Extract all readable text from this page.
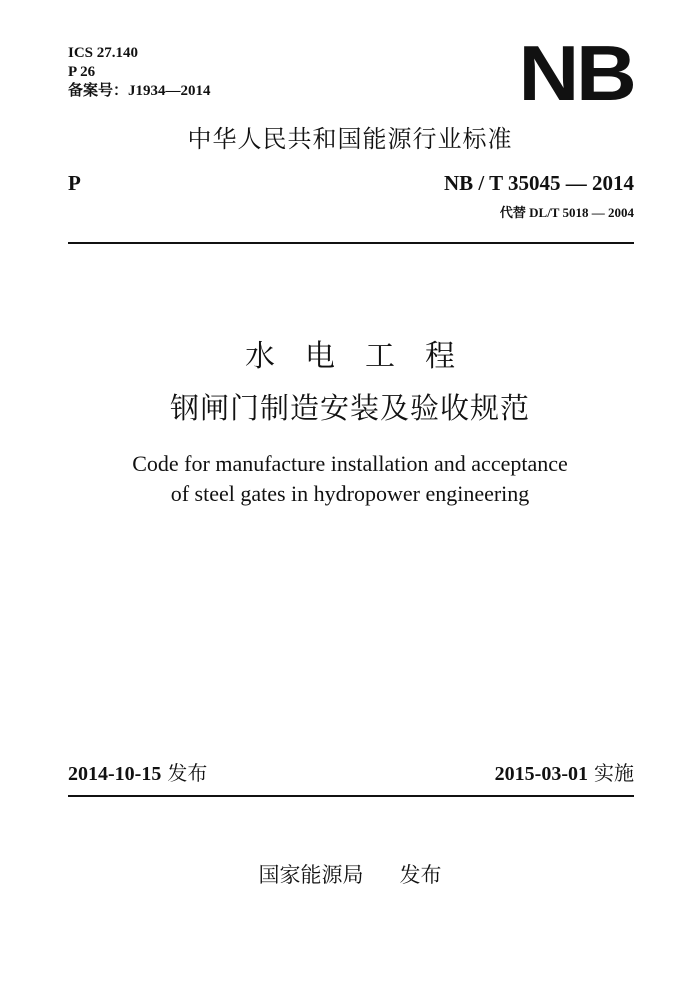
ICS 27.140
P 26
备案号：J1934—2014	NB
中华人民共和国能源行业标准
P	NB / T 35045 — 2014
代替 DL/T 5018 — 2004
水电工程
钢闸门制造安装及验收规范
Code for manufacture installation and acceptance
of steel gates in hydropower engineering
2014-10-15 发布	2015-03-01 实施
国家能源局 发布
